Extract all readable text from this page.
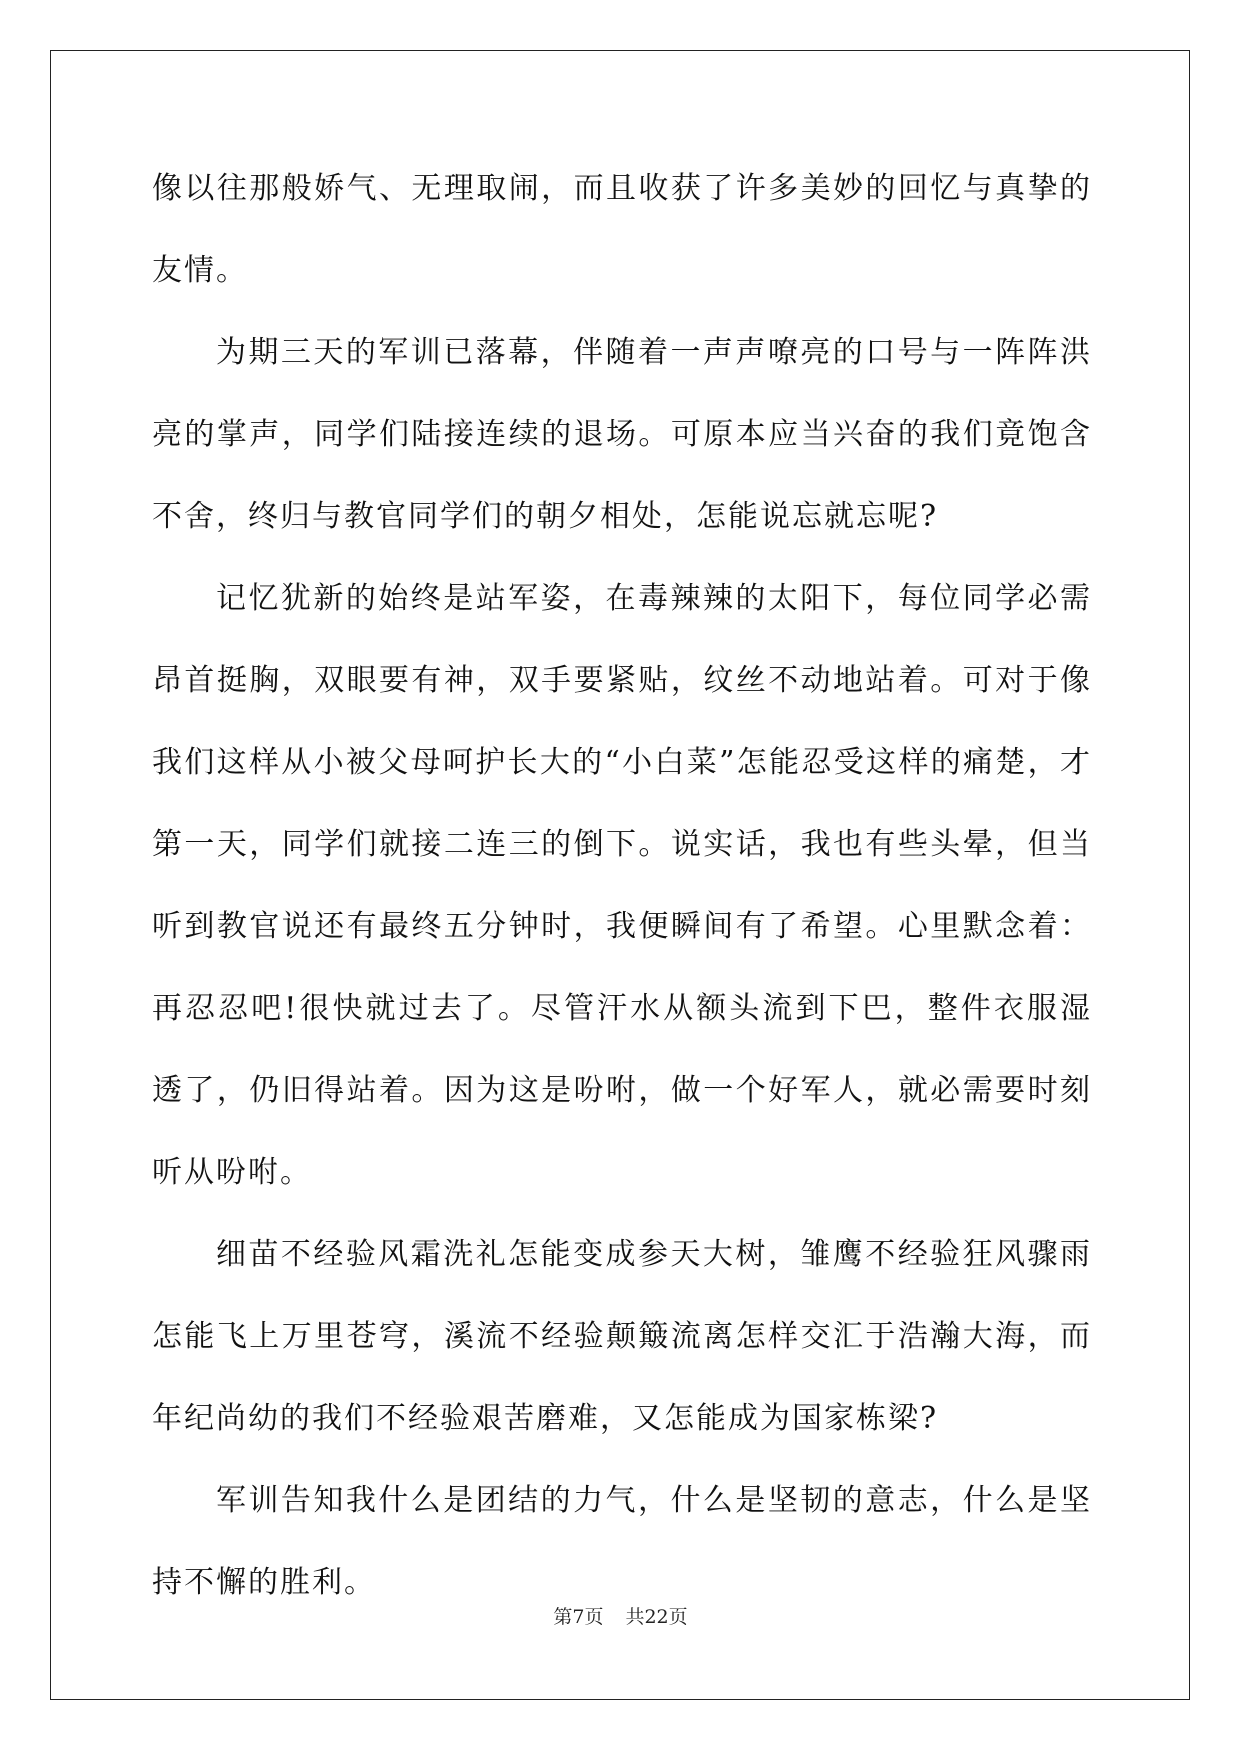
像以往那般娇气、无理取闹，而且收获了许多美妙的回忆与真挚的友情。

为期三天的军训已落幕，伴随着一声声嘹亮的口号与一阵阵洪亮的掌声，同学们陆接连续的退场。可原本应当兴奋的我们竟饱含不舍，终归与教官同学们的朝夕相处，怎能说忘就忘呢?

记忆犹新的始终是站军姿，在毒辣辣的太阳下，每位同学必需昂首挺胸，双眼要有神，双手要紧贴，纹丝不动地站着。可对于像我们这样从小被父母呵护长大的“小白菜”怎能忍受这样的痛楚，才第一天，同学们就接二连三的倒下。说实话，我也有些头晕，但当听到教官说还有最终五分钟时，我便瞬间有了希望。心里默念着：再忍忍吧!很快就过去了。尽管汗水从额头流到下巴，整件衣服湿透了，仍旧得站着。因为这是吩咐，做一个好军人，就必需要时刻听从吩咐。

细苗不经验风霜洗礼怎能变成参天大树，雏鹰不经验狂风骤雨怎能飞上万里苍穹，溪流不经验颠簸流离怎样交汇于浩瀚大海，而年纪尚幼的我们不经验艰苦磨难，又怎能成为国家栋梁?

军训告知我什么是团结的力气，什么是坚韧的意志，什么是坚持不懈的胜利。

第7页 共22页
